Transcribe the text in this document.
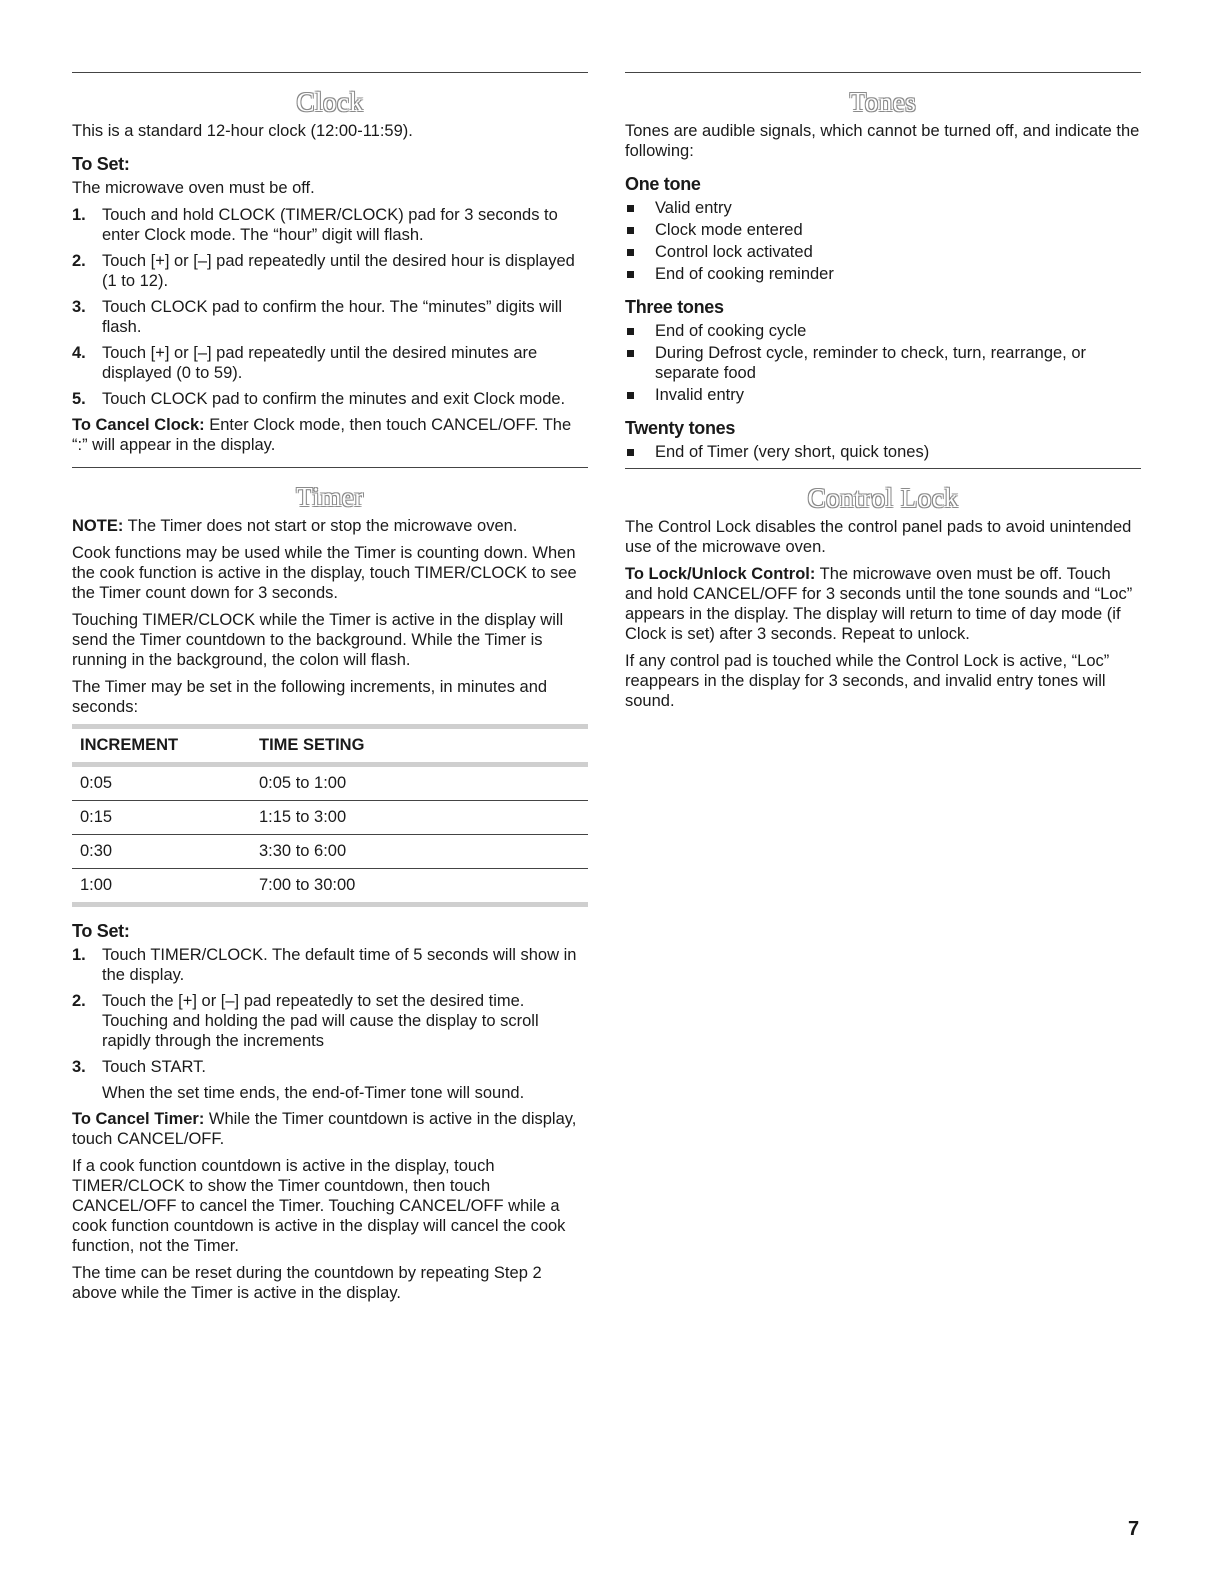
Clock

This is a standard 12-hour clock (12:00-11:59).

To Set:

The microwave oven must be off.

1. Touch and hold CLOCK (TIMER/CLOCK) pad for 3 seconds to enter Clock mode. The “hour” digit will flash.
2. Touch [+] or [–] pad repeatedly until the desired hour is displayed (1 to 12).
3. Touch CLOCK pad to confirm the hour. The “minutes” digits will flash.
4. Touch [+] or [–] pad repeatedly until the desired minutes are displayed (0 to 59).
5. Touch CLOCK pad to confirm the minutes and exit Clock mode.

To Cancel Clock: Enter Clock mode, then touch CANCEL/OFF. The “:” will appear in the display.

Timer

NOTE: The Timer does not start or stop the microwave oven.

Cook functions may be used while the Timer is counting down. When the cook function is active in the display, touch TIMER/CLOCK to see the Timer count down for 3 seconds.

Touching TIMER/CLOCK while the Timer is active in the display will send the Timer countdown to the background. While the Timer is running in the background, the colon will flash.

The Timer may be set in the following increments, in minutes and seconds:

INCREMENT	TIME SETING
0:05	0:05 to 1:00
0:15	1:15 to 3:00
0:30	3:30 to 6:00
1:00	7:00 to 30:00
To Set:
1. Touch TIMER/CLOCK. The default time of 5 seconds will show in the display.
2. Touch the [+] or [–] pad repeatedly to set the desired time. Touching and holding the pad will cause the display to scroll rapidly through the increments
3. Touch START.
When the set time ends, the end-of-Timer tone will sound.

To Cancel Timer: While the Timer countdown is active in the display, touch CANCEL/OFF.

If a cook function countdown is active in the display, touch TIMER/CLOCK to show the Timer countdown, then touch CANCEL/OFF to cancel the Timer. Touching CANCEL/OFF while a cook function countdown is active in the display will cancel the cook function, not the Timer.

The time can be reset during the countdown by repeating Step 2 above while the Timer is active in the display.

Tones

Tones are audible signals, which cannot be turned off, and indicate the following:

One tone
Valid entry
Clock mode entered
Control lock activated
End of cooking reminder
Three tones
End of cooking cycle
During Defrost cycle, reminder to check, turn, rearrange, or separate food
Invalid entry
Twenty tones
End of Timer (very short, quick tones)
Control Lock

The Control Lock disables the control panel pads to avoid unintended use of the microwave oven.

To Lock/Unlock Control: The microwave oven must be off. Touch and hold CANCEL/OFF for 3 seconds until the tone sounds and “Loc” appears in the display. The display will return to time of day mode (if Clock is set) after 3 seconds. Repeat to unlock.

If any control pad is touched while the Control Lock is active, “Loc” reappears in the display for 3 seconds, and invalid entry tones will sound.

7
